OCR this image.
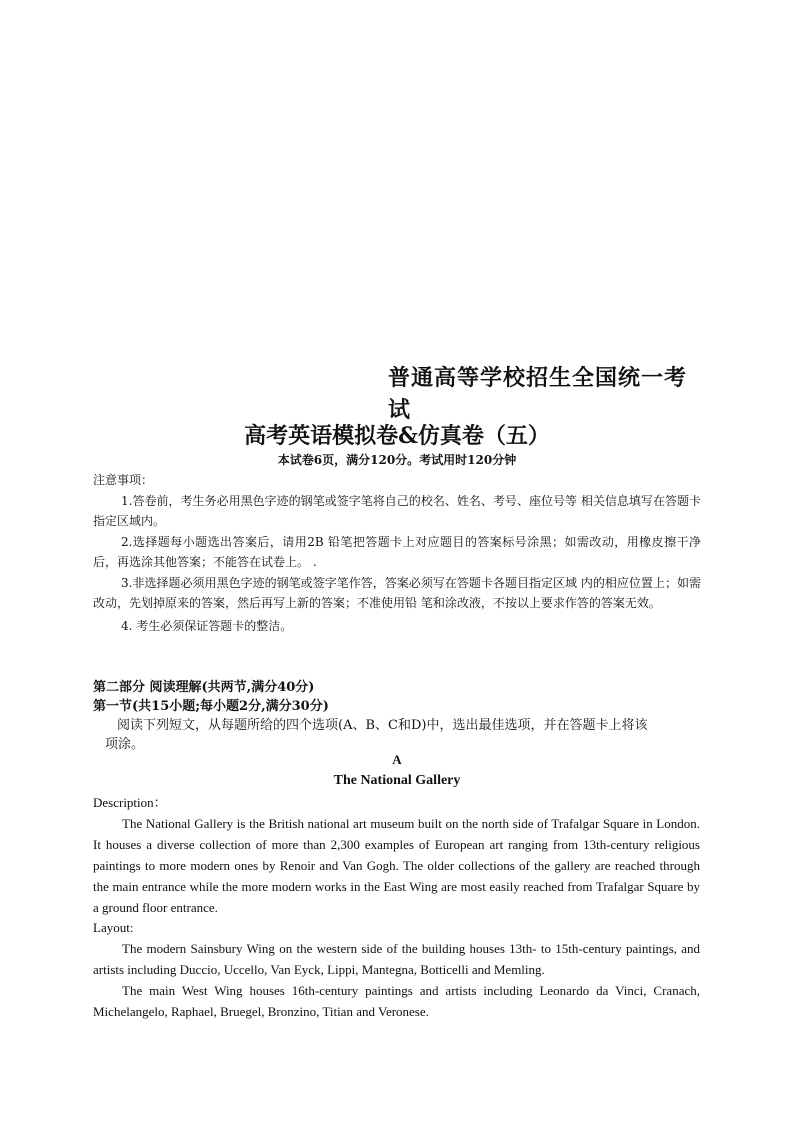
普通高等学校招生全国统一考
试
高考英语模拟卷&仿真卷（五）
本试卷6页，满分120分。考试用时120分钟

注意事项：

1.答卷前，考生务必用黑色字迹的钢笔或签字笔将自己的校名、姓名、考号、座位号等 相关信息填写在答题卡指定区域内。

2.选择题每小题选出答案后，请用2B 铅笔把答题卡上对应题目的答案标号涂黑；如需改动，用橡皮擦干净后，再选涂其他答案；不能答在试卷上。 .

3.非选择题必须用黑色字迹的钢笔或签字笔作答，答案必须写在答题卡各题目指定区域 内的相应位置上；如需改动，先划掉原来的答案，然后再写上新的答案；不准使用铅 笔和涂改液，不按以上要求作答的答案无效。

4. 考生必须保证答题卡的整洁。

第二部分 阅读理解(共两节,满分40分)
第一节(共15小题;每小题2分,满分30分)

阅读下列短文，从每题所给的四个选项(A、B、C和D)中，选出最佳选项，并在答题卡上将该

项涂。

A
The National Gallery

Description：

The National Gallery is the British national art museum built on the north side of Trafalgar Square in London. It houses a diverse collection of more than 2,300 examples of European art ranging from 13th-century religious paintings to more modern ones by Renoir and Van Gogh. The older collections of the gallery are reached through the main entrance while the more modern works in the East Wing are most easily reached from Trafalgar Square by a ground floor entrance.

Layout:

The modern Sainsbury Wing on the western side of the building houses 13th- to 15th-century paintings, and artists including Duccio, Uccello, Van Eyck, Lippi, Mantegna, Botticelli and Memling.

The main West Wing houses 16th-century paintings and artists including Leonardo da Vinci, Cranach, Michelangelo, Raphael, Bruegel, Bronzino, Titian and Veronese.
